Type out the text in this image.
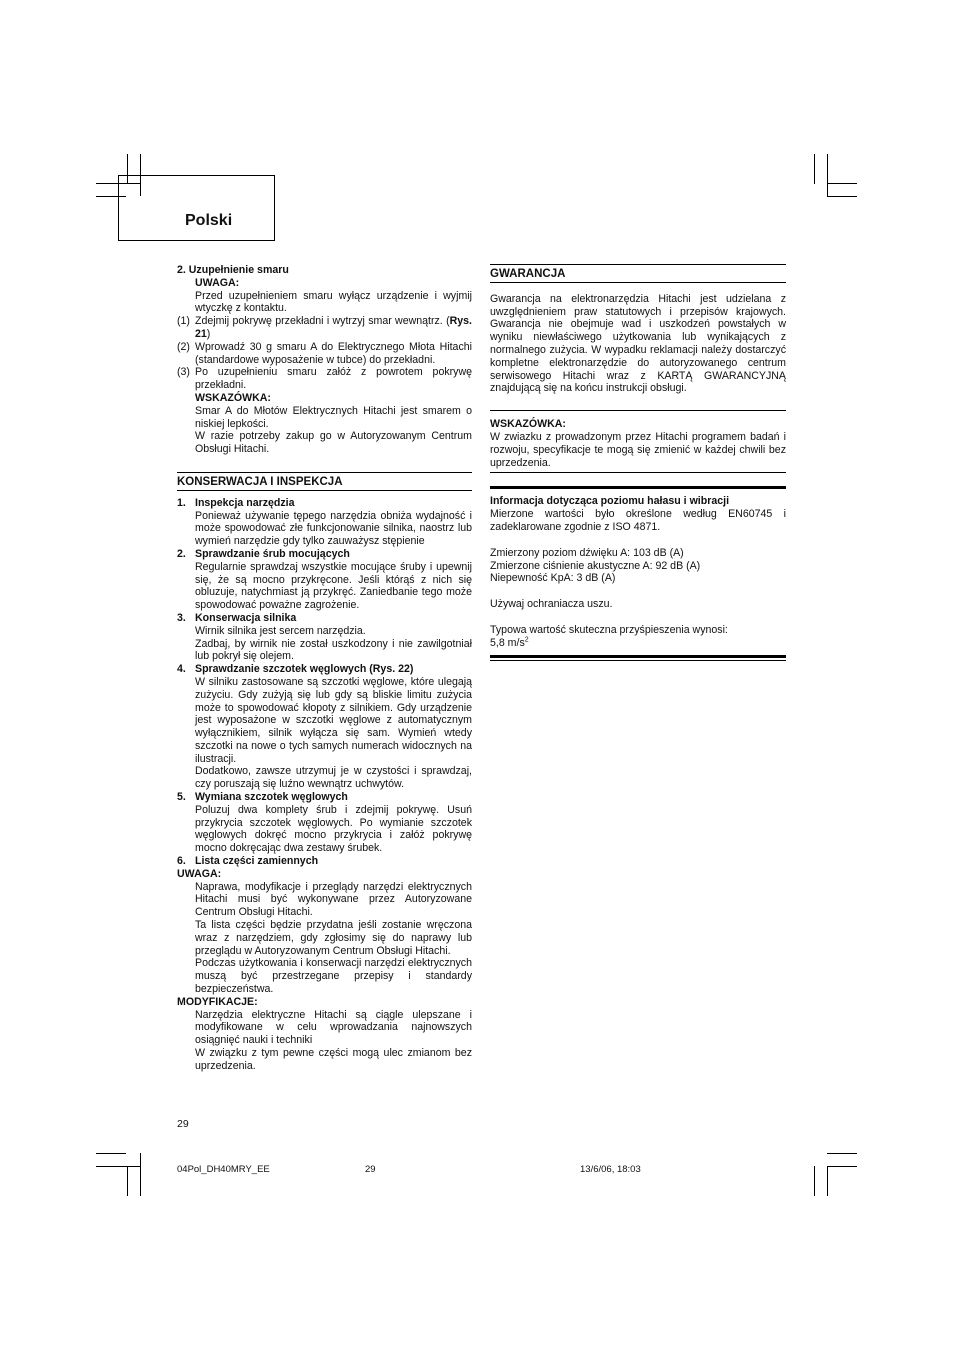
Polski
2. Uzupełnienie smaru
UWAGA:
Przed uzupełnieniem smaru wyłącz urządzenie i wyjmij wtyczkę z kontaktu.
(1) Zdejmij pokrywę przekładni i wytrzyj smar wewnątrz. (Rys. 21)
(2) Wprowadź 30 g smaru A do Elektrycznego Młota Hitachi (standardowe wyposażenie w tubce) do przekładni.
(3) Po uzupełnieniu smaru załóż z powrotem pokrywę przekładni.
WSKAZÓWKA:
Smar A do Młotów Elektrycznych Hitachi jest smarem o niskiej lepkości.
W razie potrzeby zakup go w Autoryzowanym Centrum Obsługi Hitachi.
KONSERWACJA I INSPEKCJA
1. Inspekcja narzędzia
Ponieważ używanie tępego narzędzia obniża wydajność i może spowodować złe funkcjonowanie silnika, naostrz lub wymień narzędzie gdy tylko zauważysz stępienie
2. Sprawdzanie śrub mocujących
Regularnie sprawdzaj wszystkie mocujące śruby i upewnij się, że są mocno przykręcone. Jeśli którąś z nich się obluzuje, natychmiast ją przykręć. Zaniedbanie tego może spowodować poważne zagrożenie.
3. Konserwacja silnika
Wirnik silnika jest sercem narzędzia.
Zadbaj, by wirnik nie został uszkodzony i nie zawilgotniał lub pokrył się olejem.
4. Sprawdzanie szczotek węglowych (Rys. 22)
W silniku zastosowane są szczotki węglowe, które ulegają zużyciu. Gdy zużyją się lub gdy są bliskie limitu zużycia może to spowodować kłopoty z silnikiem. Gdy urządzenie jest wyposażone w szczotki węglowe z automatycznym wyłącznikiem, silnik wyłącza się sam. Wymień wtedy szczotki na nowe o tych samych numerach widocznych na ilustracji.
Dodatkowo, zawsze utrzymuj je w czystości i sprawdzaj, czy poruszają się luźno wewnątrz uchwytów.
5. Wymiana szczotek węglowych
Poluzuj dwa komplety śrub i zdejmij pokrywę. Usuń przykrycia szczotek węglowych. Po wymianie szczotek węglowych dokręć mocno przykrycia i załóż pokrywę mocno dokręcając dwa zestawy śrubek.
6. Lista części zamiennych
UWAGA:
Naprawa, modyfikacje i przeglądy narzędzi elektrycznych Hitachi musi być wykonywane przez Autoryzowane Centrum Obsługi Hitachi.
Ta lista części będzie przydatna jeśli zostanie wręczona wraz z narzędziem, gdy zgłosimy się do naprawy lub przeglądu w Autoryzowanym Centrum Obsługi Hitachi.
Podczas użytkowania i konserwacji narzędzi elektrycznych muszą być przestrzegane przepisy i standardy bezpieczeństwa.
MODYFIKACJE:
Narzędzia elektryczne Hitachi są ciągle ulepszane i modyfikowane w celu wprowadzania najnowszych osiągnięć nauki i techniki
W związku z tym pewne części mogą ulec zmianom bez uprzedzenia.
GWARANCJA
Gwarancja na elektronarzędzia Hitachi jest udzielana z uwzględnieniem praw statutowych i przepisów krajowych. Gwarancja nie obejmuje wad i uszkodzeń powstałych w wyniku niewłaściwego użytkowania lub wynikających z normalnego zużycia. W wypadku reklamacji należy dostarczyć kompletne elektronarzędzie do autoryzowanego centrum serwisowego Hitachi wraz z KARTĄ GWARANCYJNĄ znajdującą się na końcu instrukcji obsługi.
WSKAZÓWKA:
W zwiazku z prowadzonym przez Hitachi programem badań i rozwoju, specyfikacje te mogą się zmienić w każdej chwili bez uprzedzenia.
Informacja dotycząca poziomu hałasu i wibracji
Mierzone wartości było określone według EN60745 i zadeklarowane zgodnie z ISO 4871.
Zmierzony poziom dźwięku A: 103 dB (A)
Zmierzone ciśnienie akustyczne A: 92 dB (A)
Niepewność KpA: 3 dB (A)
Używaj ochraniacza uszu.
Typowa wartość skuteczna przyśpieszenia wynosi:
5,8 $m/s^2$
29
04Pol_DH40MRY_EE	29	13/6/06, 18:03
